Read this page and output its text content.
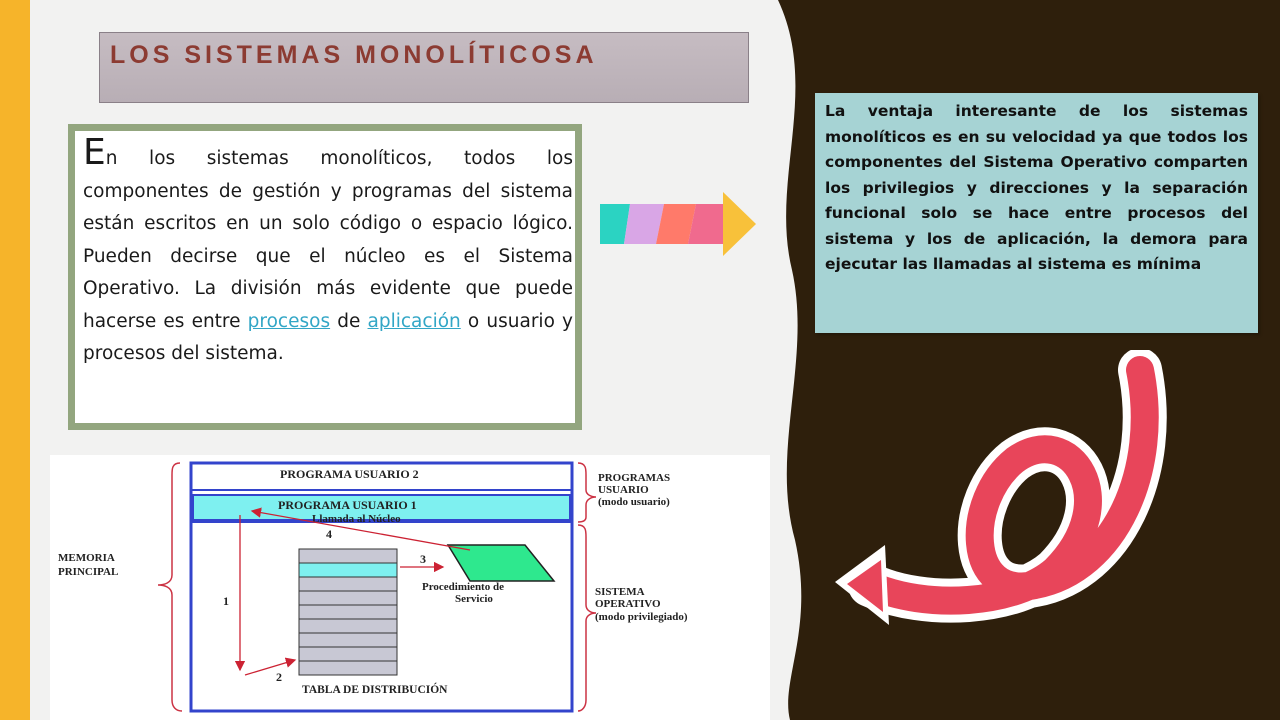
LOS SISTEMAS MONOLÍTICOSA
En los sistemas monolíticos, todos los componentes de gestión y programas del sistema están escritos en un solo código o espacio lógico. Pueden decirse que el núcleo es el Sistema Operativo. La división más evidente que puede hacerse es entre procesos de aplicación o usuario y procesos del sistema.
La ventaja interesante de los sistemas monolíticos es en su velocidad ya que todos los componentes del Sistema Operativo comparten los privilegios y direcciones y la separación funcional solo se hace entre procesos del sistema y los de aplicación, la demora para ejecutar las llamadas al sistema es mínima
PROGRAMA USUARIO 2
PROGRAMA USUARIO 1
Llamada al Núcleo
MEMORIA
PRINCIPAL
PROGRAMAS
USUARIO
(modo usuario)
SISTEMA
OPERATIVO
(modo privilegiado)
TABLA DE DISTRIBUCIÓN
Procedimiento de
Servicio
1
2
3
4
